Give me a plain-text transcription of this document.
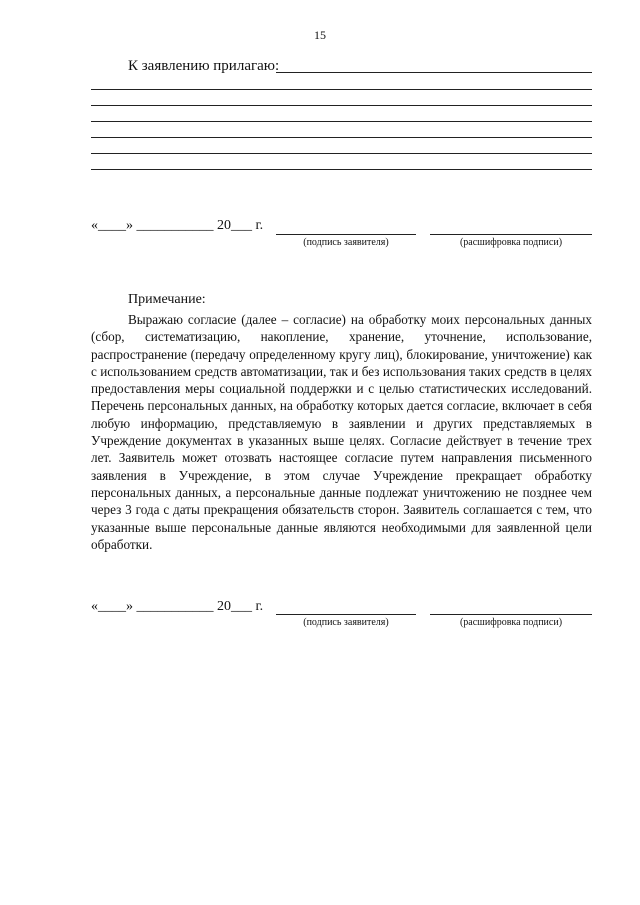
15
К заявлению прилагаю:
«____» ___________ 20___ г.
(подпись заявителя)	(расшифровка подписи)
Примечание:
Выражаю согласие (далее – согласие) на обработку моих персональных данных (сбор, систематизацию, накопление, хранение, уточнение, использование, распространение (передачу определенному кругу лиц), блокирование, уничтожение) как с использованием средств автоматизации, так и без использования таких средств в целях предоставления меры социальной поддержки и с целью статистических исследований. Перечень персональных данных, на обработку которых дается согласие, включает в себя любую информацию, представляемую в заявлении и других представляемых в Учреждение документах в указанных выше целях. Согласие действует в течение трех лет. Заявитель может отозвать настоящее согласие путем направления письменного заявления в Учреждение, в этом случае Учреждение прекращает обработку персональных данных, а персональные данные подлежат уничтожению не позднее чем через 3 года с даты прекращения обязательств сторон. Заявитель соглашается с тем, что указанные выше персональные данные являются необходимыми для заявленной цели обработки.
«____» ___________ 20___ г.
(подпись заявителя)	(расшифровка подписи)
